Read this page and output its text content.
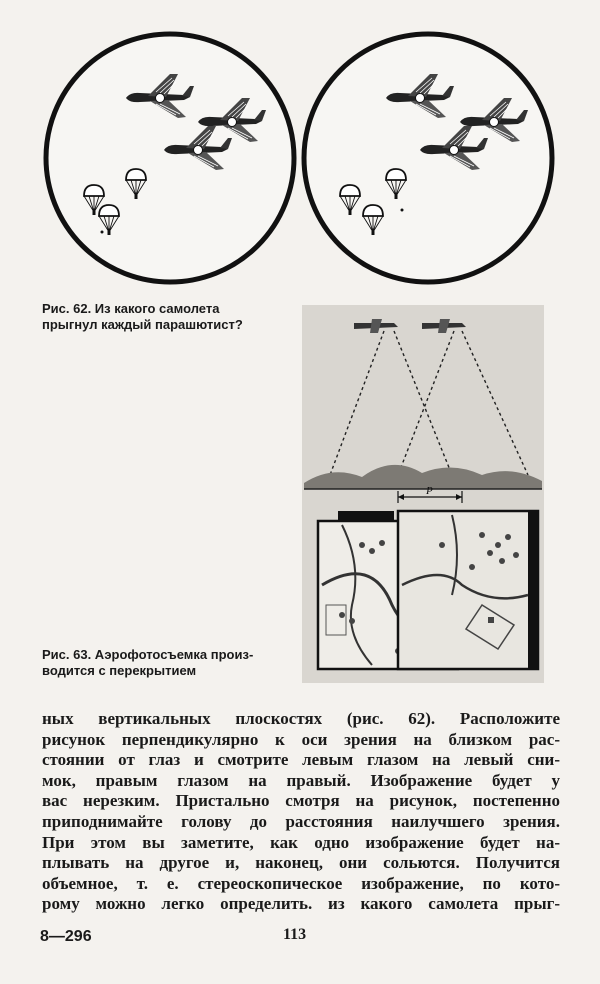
Рис. 62. Из какого самолета
прыгнул каждый парашютист?
P
Рис. 63. Аэрофотосъемка произ-
водится с перекрытием

ных вертикальных плоскостях (рис. 62). Расположите

рисунок перпендикулярно к оси зрения на близком рас-

стоянии от глаз и смотрите левым глазом на левый сни-

мок, правым глазом на правый. Изображение будет у

вас нерезким. Пристально смотря на рисунок, постепенно

приподнимайте голову до расстояния наилучшего зрения.

При этом вы заметите, как одно изображение будет на-

плывать на другое и, наконец, они сольются. Получится

объемное, т. е. стереоскопическое изображение, по кото-

рому можно легко определить. из какого самолета прыг-

8—296	113
